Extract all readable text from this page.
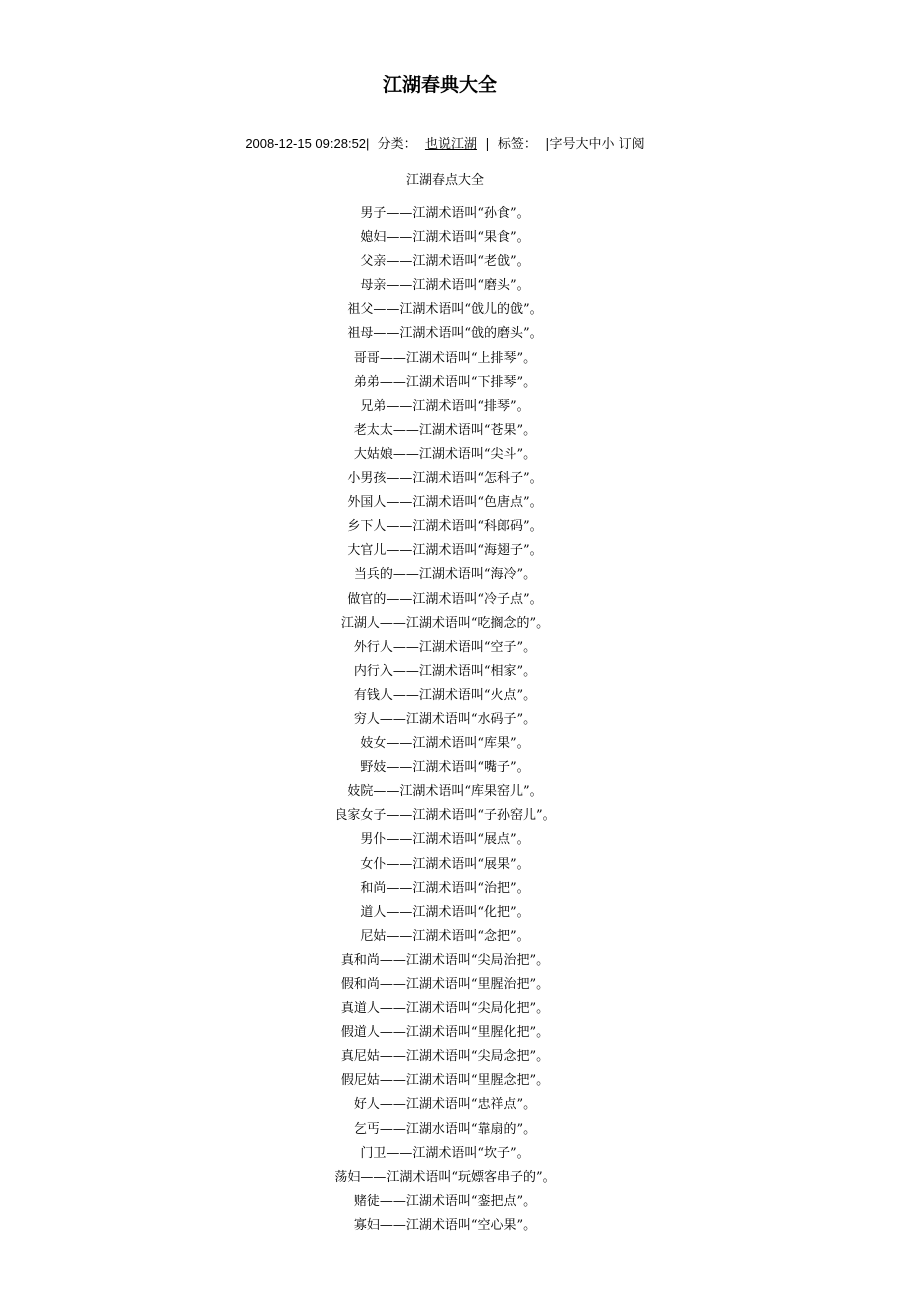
江湖春典大全
2008-12-15 09:28:52| 分类： 也说江湖 | 标签： |字号大中小 订阅
江湖春点大全
男子——江湖术语叫“孙食”。
媳妇——江湖术语叫“果食”。
父亲——江湖术语叫“老戗”。
母亲——江湖术语叫“磨头”。
祖父——江湖术语叫“戗儿的戗”。
祖母——江湖术语叫“戗的磨头”。
哥哥——江湖术语叫“上排琴”。
弟弟——江湖术语叫“下排琴”。
兄弟——江湖术语叫“排琴”。
老太太——江湖术语叫“苍果”。
大姑娘——江湖术语叫“尖斗”。
小男孩——江湖术语叫“怎科子”。
外国人——江湖术语叫“色唐点”。
乡下人——江湖术语叫“科郎码”。
大官儿——江湖术语叫“海翅子”。
当兵的——江湖术语叫“海冷”。
做官的——江湖术语叫“冷子点”。
江湖人——江湖术语叫“吃搁念的”。
外行人——江湖术语叫“空子”。
内行入——江湖术语叫“相家”。
有钱人——江湖术语叫“火点”。
穷人——江湖术语叫“水码子”。
妓女——江湖术语叫“库果”。
野妓——江湖术语叫“嘴子”。
妓院——江湖术语叫“库果窑儿”。
良家女子——江湖术语叫“子孙窑儿”。
男仆——江湖术语叫“展点”。
女仆——江湖术语叫“展果”。
和尚——江湖术语叫“治把”。
道人——江湖术语叫“化把”。
尼姑——江湖术语叫“念把”。
真和尚——江湖术语叫“尖局治把”。
假和尚——江湖术语叫“里腥治把”。
真道人——江湖术语叫“尖局化把”。
假道人——江湖术语叫“里腥化把”。
真尼姑——江湖术语叫“尖局念把”。
假尼姑——江湖术语叫“里腥念把”。
好人——江湖术语叫“忠祥点”。
乞丐——江湖水语叫“靠扇的”。
门卫——江湖术语叫“坎子”。
荡妇——江湖术语叫“玩嫖客串子的”。
赌徒——江湖术语叫“銮把点”。
寡妇——江湖术语叫“空心果”。
